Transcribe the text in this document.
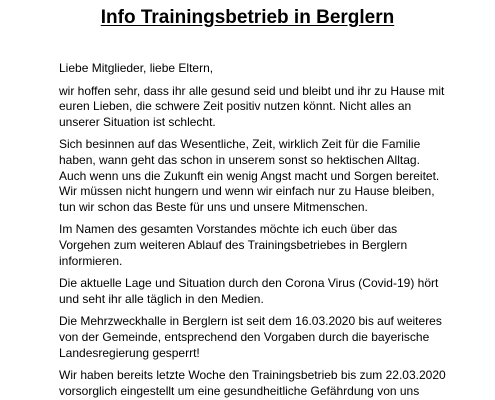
Info Trainingsbetrieb in Berglern
Liebe Mitglieder, liebe Eltern,
wir hoffen sehr, dass ihr alle gesund seid und bleibt und ihr zu Hause mit
euren Lieben, die schwere Zeit positiv nutzen könnt. Nicht alles an
unserer Situation ist schlecht.
Sich besinnen auf das Wesentliche, Zeit, wirklich Zeit für die Familie
haben, wann geht das schon in unserem sonst so hektischen Alltag.
Auch wenn uns die Zukunft ein wenig Angst macht und Sorgen bereitet.
Wir müssen nicht hungern und wenn wir einfach nur zu Hause bleiben,
tun wir schon das Beste für uns und unsere Mitmenschen.
Im Namen des gesamten Vorstandes möchte ich euch über das
Vorgehen zum weiteren Ablauf des Trainingsbetriebes in Berglern
informieren.
Die aktuelle Lage und Situation durch den Corona Virus (Covid-19) hört
und seht ihr alle täglich in den Medien.
Die Mehrzweckhalle in Berglern ist seit dem 16.03.2020 bis auf weiteres
von der Gemeinde, entsprechend den Vorgaben durch die bayerische
Landesregierung gesperrt!
Wir haben bereits letzte Woche den Trainingsbetrieb bis zum 22.03.2020
vorsorglich eingestellt um eine gesundheitliche Gefährdung von uns
